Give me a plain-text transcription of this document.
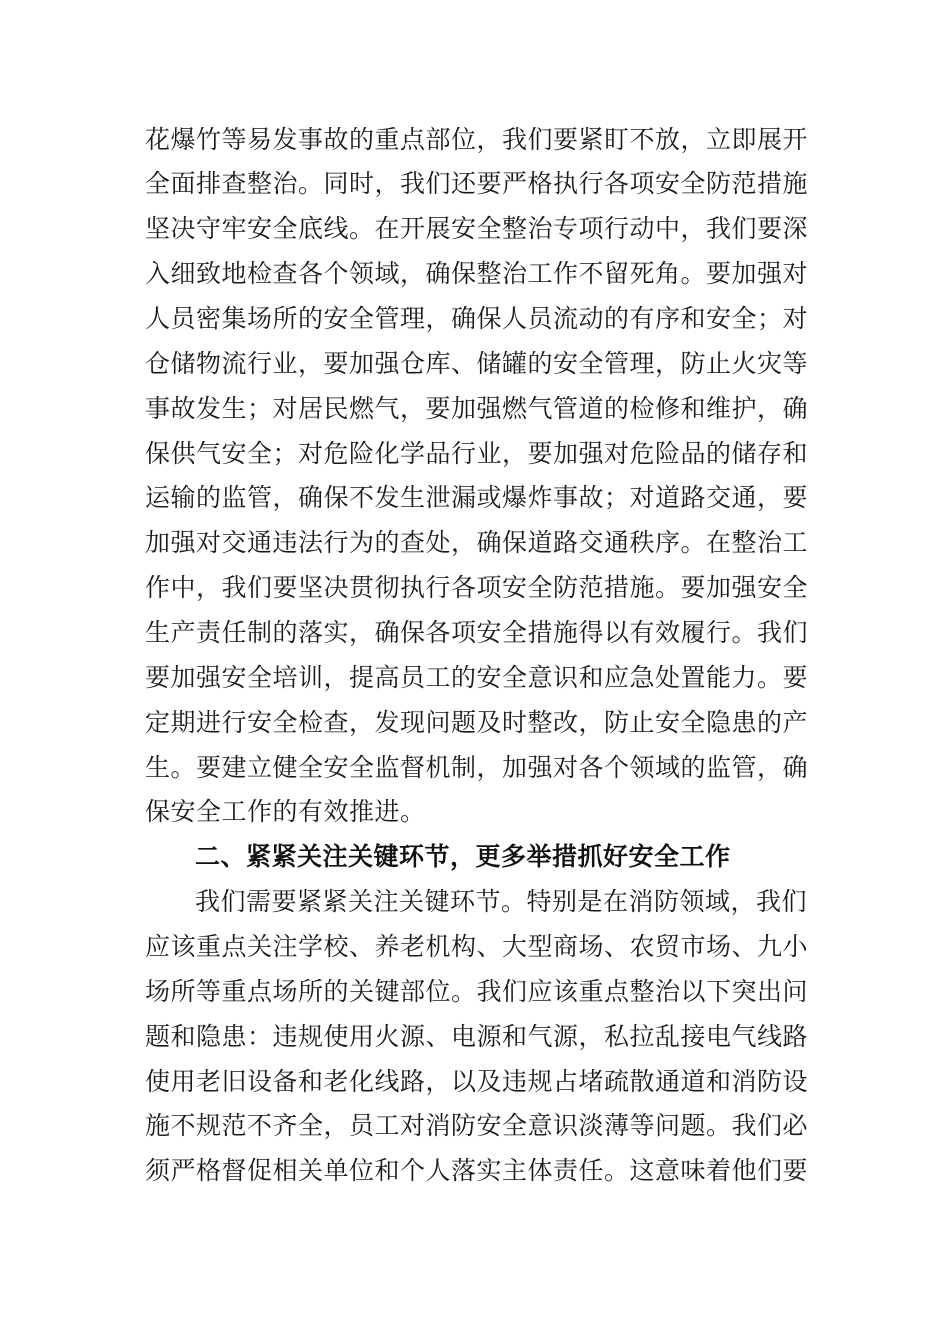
花爆竹等易发事故的重点部位，我们要紧盯不放，立即展开
全面排查整治。同时，我们还要严格执行各项安全防范措施
坚决守牢安全底线。在开展安全整治专项行动中，我们要深
入细致地检查各个领域，确保整治工作不留死角。要加强对
人员密集场所的安全管理，确保人员流动的有序和安全；对
仓储物流行业，要加强仓库、储罐的安全管理，防止火灾等
事故发生；对居民燃气，要加强燃气管道的检修和维护，确
保供气安全；对危险化学品行业，要加强对危险品的储存和
运输的监管，确保不发生泄漏或爆炸事故；对道路交通，要
加强对交通违法行为的查处，确保道路交通秩序。在整治工
作中，我们要坚决贯彻执行各项安全防范措施。要加强安全
生产责任制的落实，确保各项安全措施得以有效履行。我们
要加强安全培训，提高员工的安全意识和应急处置能力。要
定期进行安全检查，发现问题及时整改，防止安全隐患的产
生。要建立健全安全监督机制，加强对各个领域的监管，确
保安全工作的有效推进。
二、紧紧关注关键环节，更多举措抓好安全工作
我们需要紧紧关注关键环节。特别是在消防领域，我们
应该重点关注学校、养老机构、大型商场、农贸市场、九小
场所等重点场所的关键部位。我们应该重点整治以下突出问
题和隐患：违规使用火源、电源和气源，私拉乱接电气线路
使用老旧设备和老化线路，以及违规占堵疏散通道和消防设
施不规范不齐全，员工对消防安全意识淡薄等问题。我们必
须严格督促相关单位和个人落实主体责任。这意味着他们要
